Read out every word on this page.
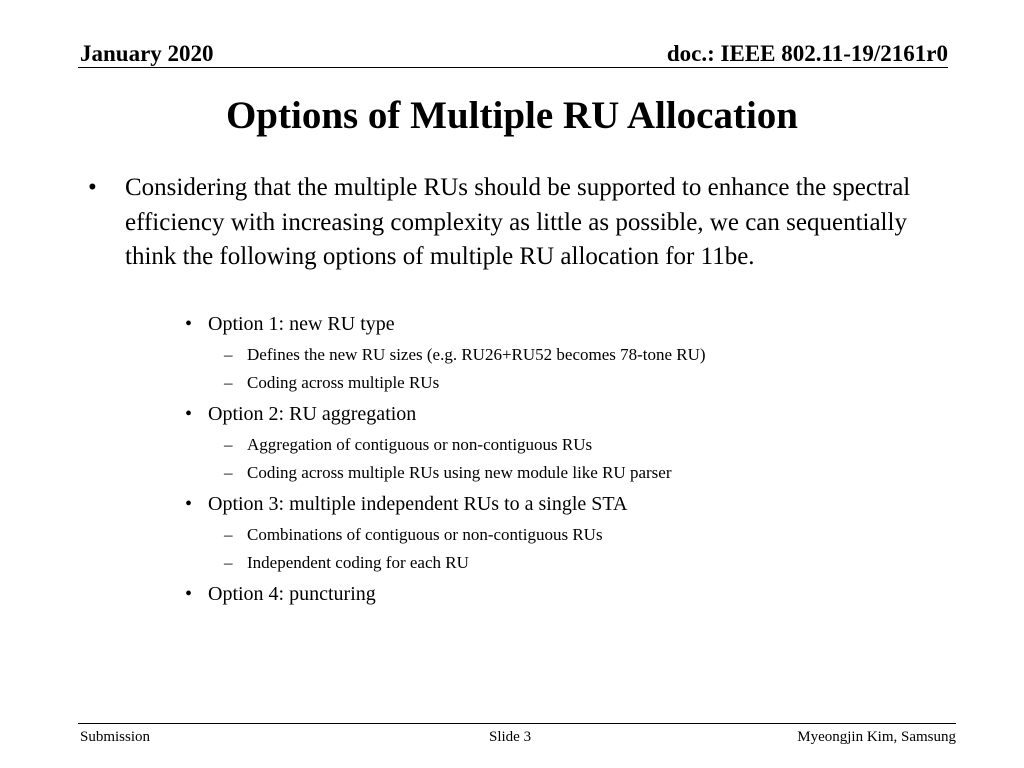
January 2020	doc.: IEEE 802.11-19/2161r0
Options of Multiple RU Allocation
• Considering that the multiple RUs should be supported to enhance the spectral efficiency with increasing complexity as little as possible, we can sequentially think the following options of multiple RU allocation for 11be.
• Option 1: new RU type
– Defines the new RU sizes (e.g. RU26+RU52 becomes 78-tone RU)
– Coding across multiple RUs
• Option 2: RU aggregation
– Aggregation of contiguous or non-contiguous RUs
– Coding across multiple RUs using new module like RU parser
• Option 3: multiple independent RUs to a single STA
– Combinations of contiguous or non-contiguous RUs
– Independent coding for each RU
• Option 4: puncturing
Submission	Slide 3	Myeongjin Kim, Samsung
